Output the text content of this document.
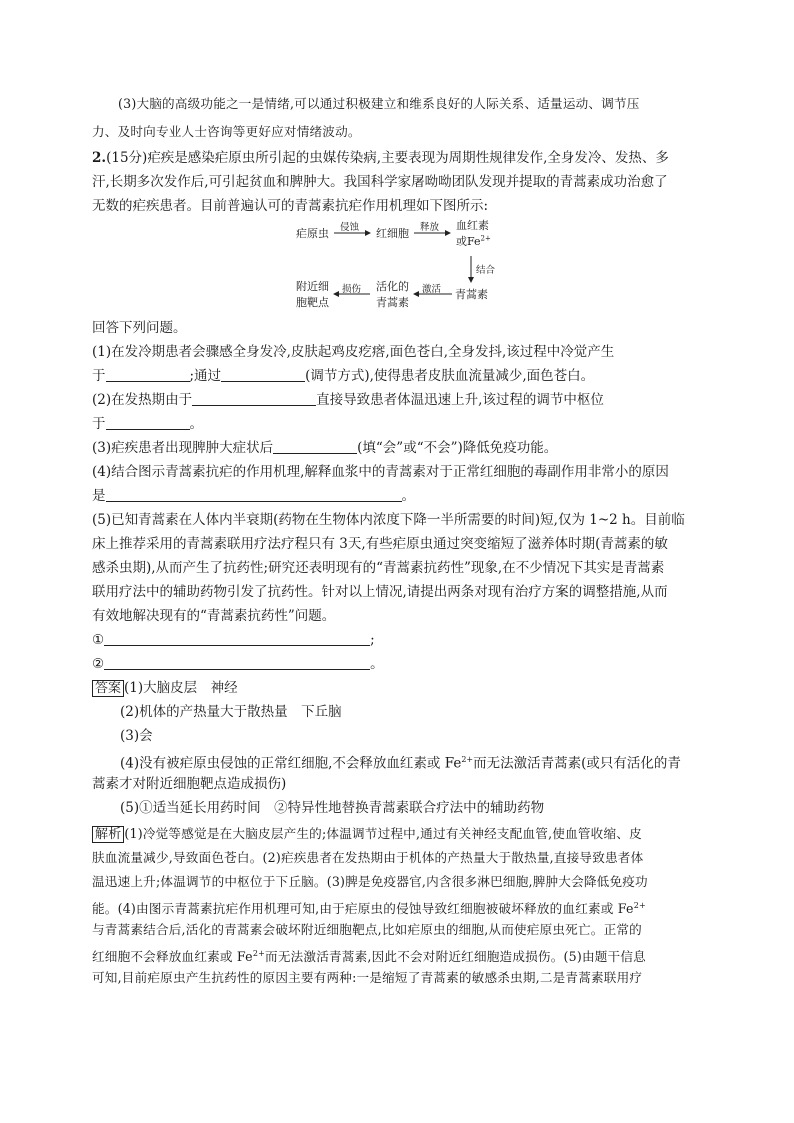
(3)大脑的高级功能之一是情绪,可以通过积极建立和维系良好的人际关系、适量运动、调节压
力、及时向专业人士咨询等更好应对情绪波动。
2.(15分)疟疾是感染疟原虫所引起的虫媒传染病,主要表现为周期性规律发作,全身发冷、发热、多
汗,长期多次发作后,可引起贫血和脾肿大。我国科学家屠呦呦团队发现并提取的青蒿素成功治愈了
无数的疟疾患者。目前普遍认可的青蒿素抗疟作用机理如下图所示:
疟原虫 侵蚀 红细胞 释放 血红素
或$Fe^{2+}$
结合
青蒿素
激活
活化的
青蒿素
损伤
附近细
胞靶点
回答下列问题。
(1)在发冷期患者会骤感全身发冷,皮肤起鸡皮疙瘩,面色苍白,全身发抖,该过程中冷觉产生
于	;通过	(调节方式),使得患者皮肤血流量减少,面色苍白。
(2)在发热期由于	直接导致患者体温迅速上升,该过程的调节中枢位
于	。
(3)疟疾患者出现脾肿大症状后	(填“会”或“不会”)降低免疫功能。
(4)结合图示青蒿素抗疟的作用机理,解释血浆中的青蒿素对于正常红细胞的毒副作用非常小的原因
是	。
(5)已知青蒿素在人体内半衰期(药物在生物体内浓度下降一半所需要的时间)短,仅为 1~2 h。目前临
床上推荐采用的青蒿素联用疗法疗程只有 3天,有些疟原虫通过突变缩短了滋养体时期(青蒿素的敏
感杀虫期),从而产生了抗药性;研究还表明现有的“青蒿素抗药性”现象,在不少情况下其实是青蒿素
联用疗法中的辅助药物引发了抗药性。针对以上情况,请提出两条对现有治疗方案的调整措施,从而
有效地解决现有的“青蒿素抗药性”问题。
①	;
②	。
答案 (1)大脑皮层　神经
(2)机体的产热量大于散热量　下丘脑
(3)会
(4)没有被疟原虫侵蚀的正常红细胞,不会释放血红素或 $Fe^{2+}$而无法激活青蒿素(或只有活化的青
蒿素才对附近细胞靶点造成损伤)
(5)①适当延长用药时间　②特异性地替换青蒿素联合疗法中的辅助药物
解析 (1)冷觉等感觉是在大脑皮层产生的;体温调节过程中,通过有关神经支配血管,使血管收缩、皮
肤血流量减少,导致面色苍白。(2)疟疾患者在发热期由于机体的产热量大于散热量,直接导致患者体
温迅速上升;体温调节的中枢位于下丘脑。(3)脾是免疫器官,内含很多淋巴细胞,脾肿大会降低免疫功
能。(4)由图示青蒿素抗疟作用机理可知,由于疟原虫的侵蚀导致红细胞被破坏释放的血红素或 $Fe^{2+}$
与青蒿素结合后,活化的青蒿素会破坏附近细胞靶点,比如疟原虫的细胞,从而使疟原虫死亡。正常的
红细胞不会释放血红素或 $Fe^{2+}$而无法激活青蒿素,因此不会对附近红细胞造成损伤。(5)由题干信息
可知,目前疟原虫产生抗药性的原因主要有两种:一是缩短了青蒿素的敏感杀虫期,二是青蒿素联用疗
